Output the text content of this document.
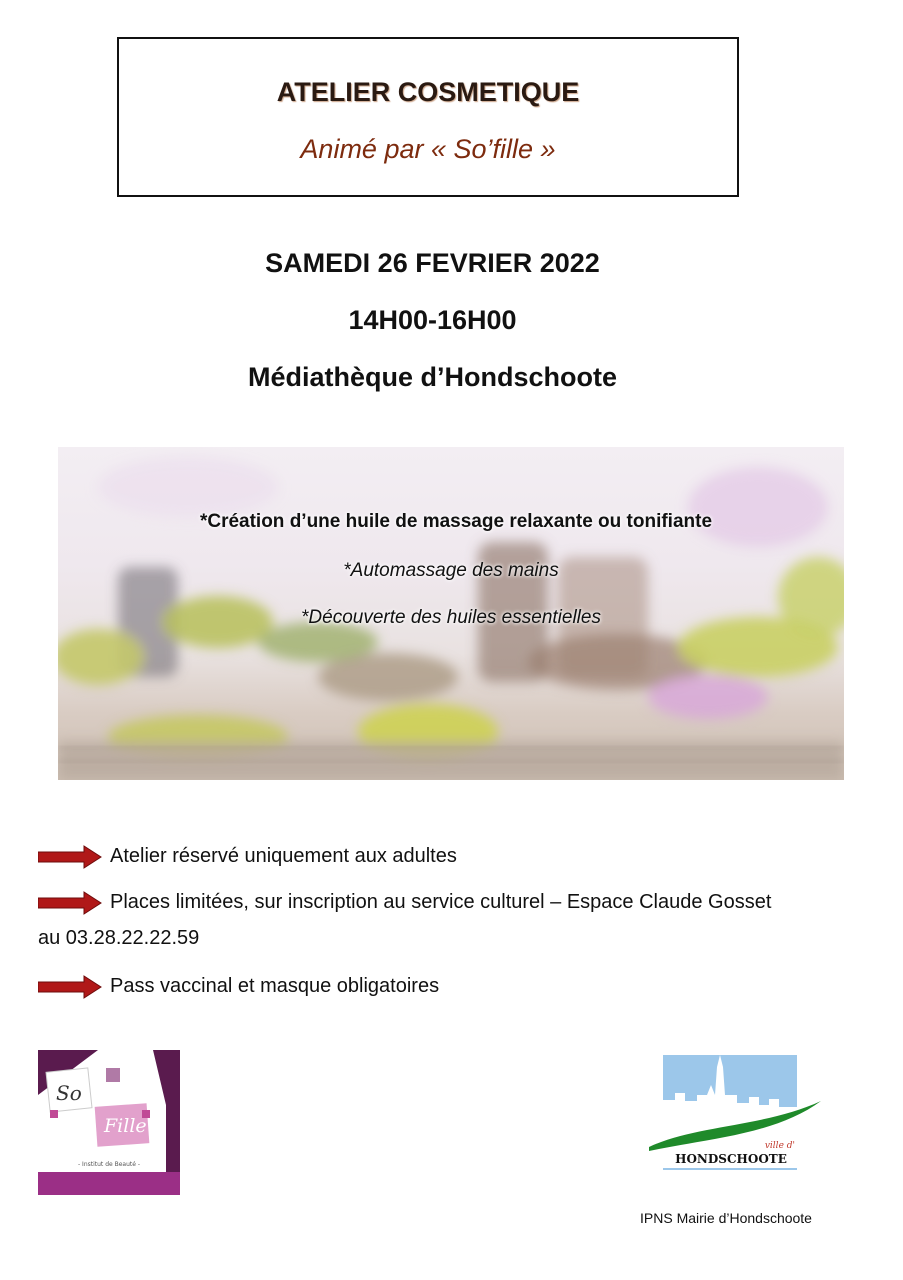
ATELIER COSMETIQUE
Animé par « So’fille »
SAMEDI 26 FEVRIER 2022
14H00-16H00
Médiathèque d’Hondschoote
*Création d’une huile de massage relaxante ou tonifiante
*Automassage des mains
*Découverte des huiles essentielles
Atelier réservé uniquement aux adultes
Places limitées, sur inscription au service culturel – Espace Claude Gosset au 03.28.22.22.59
Pass vaccinal et masque obligatoires
So
Fille
- Institut de Beauté -
ville d'
HONDSCHOOTE
IPNS Mairie d’Hondschoote
